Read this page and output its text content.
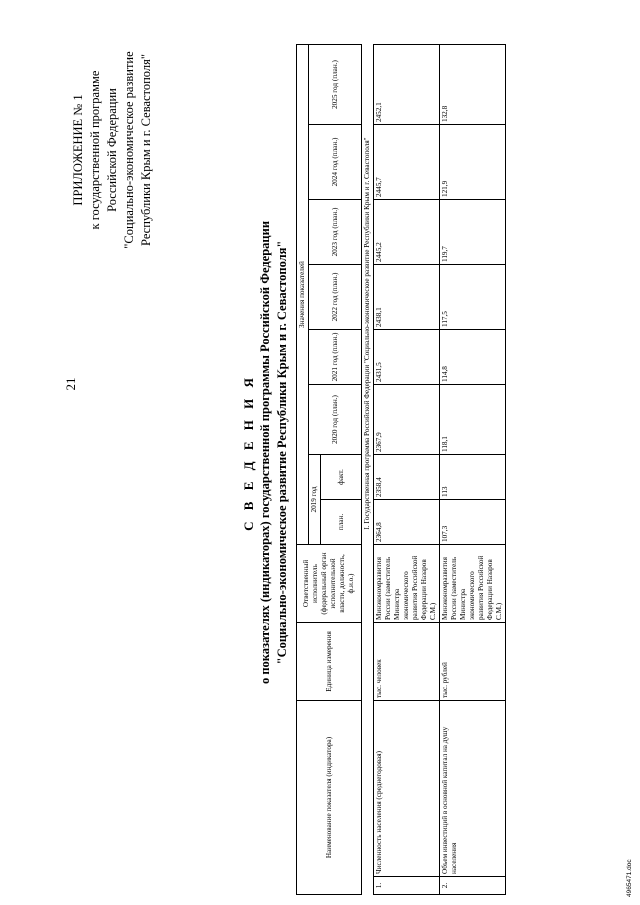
21
ПРИЛОЖЕНИЕ № 1 к государственной программе Российской Федерации "Социально-экономическое развитие Республики Крым и г. Севастополя"
С В Е Д Е Н И Я о показателях (индикаторах) государственной программы Российской Федерации "Социально-экономическое развитие Республики Крым и г. Севастополя"
Наименование показателя (индикатора)		Единица измерения	Ответственный исполнитель (федеральный орган исполнительной власти, должность, ф.и.о.)	Значения показателей							
				2019 год		2020 год (план.)	2021 год (план.)	2022 год (план.)	2023 год (план.)	2024 год (план.)	2025 год (план.)
				план.	факт.						
			I. Государственная программа Российской Федерации "Социально-экономическое развитие Республики Крым и г. Севастополя"								
1.	Численность населения (среднегодовая)	тыс. человек	Минэкономразвития России (заместитель Министра экономического развития Российской Федерации Назаров С.М.)	2364,8	2358,4	2367,9	2431,5	2438,1	2445,2	2445,7	2452,1
2.	Объем инвестиций в основной капитал на душу населения	тыс. рублей	Минэкономразвития России (заместитель Министра экономического развития Российской Федерации Назаров С.М.)	107,3	113	118,1	114,8	117,5	119,7	121,9	132,8
4965471.doc
